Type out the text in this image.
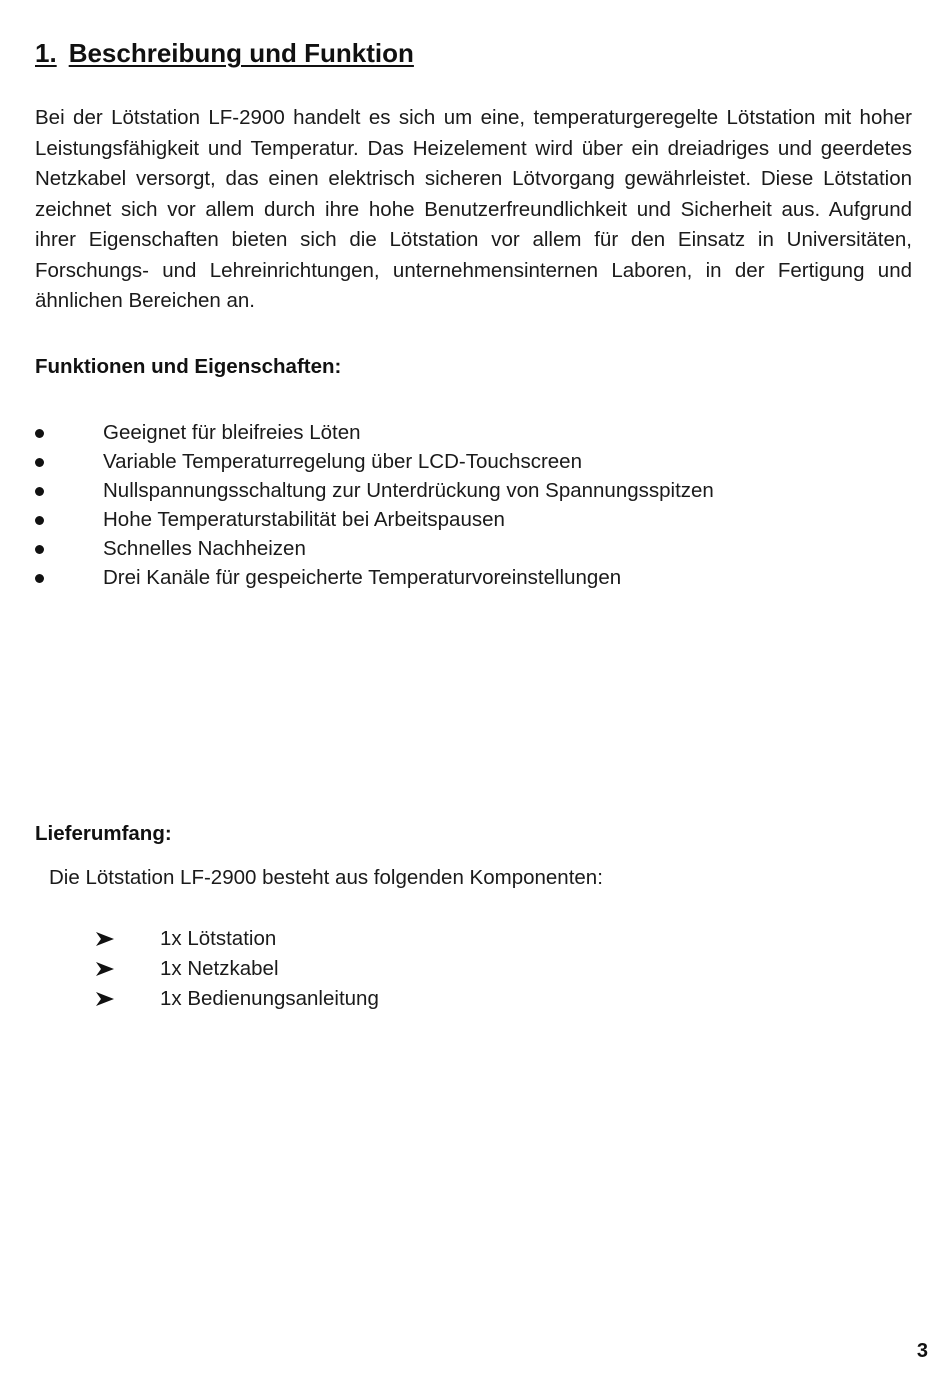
1. Beschreibung und Funktion

Bei der Lötstation LF-2900 handelt es sich um eine, temperaturgeregelte Lötstation mit hoher Leistungsfähigkeit und Temperatur. Das Heizelement wird über ein dreiadriges und geerdetes Netzkabel versorgt, das einen elektrisch sicheren Lötvorgang gewährleistet. Diese Lötstation zeichnet sich vor allem durch ihre hohe Benutzerfreundlichkeit und Sicherheit aus. Aufgrund ihrer Eigenschaften bieten sich die Lötstation vor allem für den Einsatz in Universitäten, Forschungs- und Lehreinrichtungen, unternehmensinternen Laboren, in der Fertigung und ähnlichen Bereichen an.

Funktionen und Eigenschaften:

Geeignet für bleifreies Löten
Variable Temperaturregelung über LCD-Touchscreen
Nullspannungsschaltung zur Unterdrückung von Spannungsspitzen
Hohe Temperaturstabilität bei Arbeitspausen
Schnelles Nachheizen
Drei Kanäle für gespeicherte Temperaturvoreinstellungen

Lieferumfang:

Die Lötstation LF-2900 besteht aus folgenden Komponenten:

1x Lötstation
1x Netzkabel
1x Bedienungsanleitung

3
